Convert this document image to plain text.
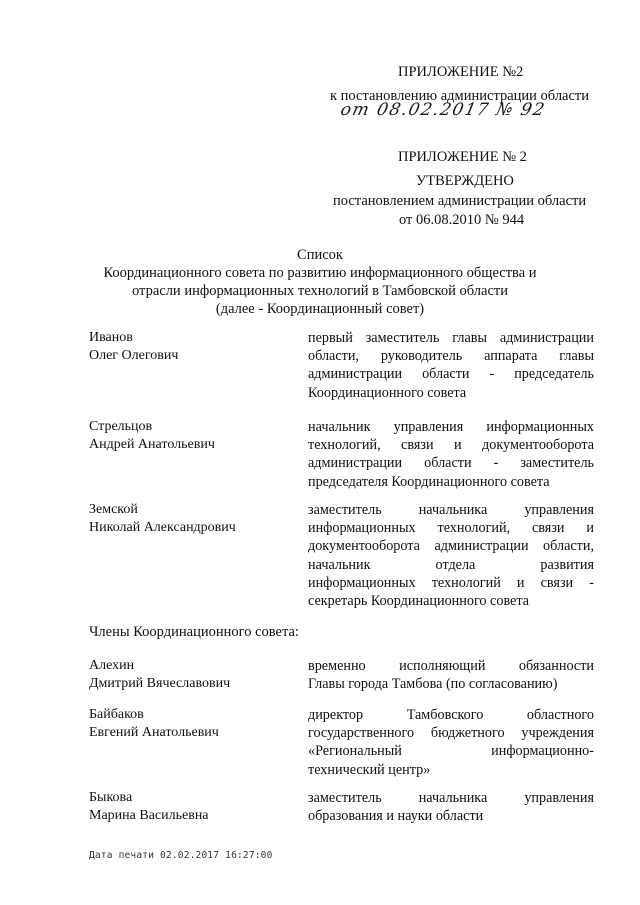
ПРИЛОЖЕНИЕ №2
к постановлению администрации области
от 08.02.2017 № 92
ПРИЛОЖЕНИЕ № 2
УТВЕРЖДЕНО
постановлением администрации области
от 06.08.2010 № 944
Список
Координационного совета по развитию информационного общества и
отрасли информационных технологий в Тамбовской области
(далее - Координационный совет)
Иванов
Олег Олегович
первый заместитель главы администрации
области, руководитель аппарата главы
администрации области - председатель
Координационного совета
Стрельцов
Андрей Анатольевич
начальник управления информационных
технологий, связи и документооборота
администрации области - заместитель
председателя Координационного совета
Земской
Николай Александрович
заместитель начальника управления
информационных технологий, связи и
документооборота администрации области,
начальник отдела развития
информационных технологий и связи -
секретарь Координационного совета
Члены Координационного совета:
Алехин
Дмитрий Вячеславович
временно исполняющий обязанности
Главы города Тамбова (по согласованию)
Байбаков
Евгений Анатольевич
директор Тамбовского областного
государственного бюджетного учреждения
«Региональный информационно-
технический центр»
Быкова
Марина Васильевна
заместитель начальника управления
образования и науки области
Дата печати 02.02.2017 16:27:00
